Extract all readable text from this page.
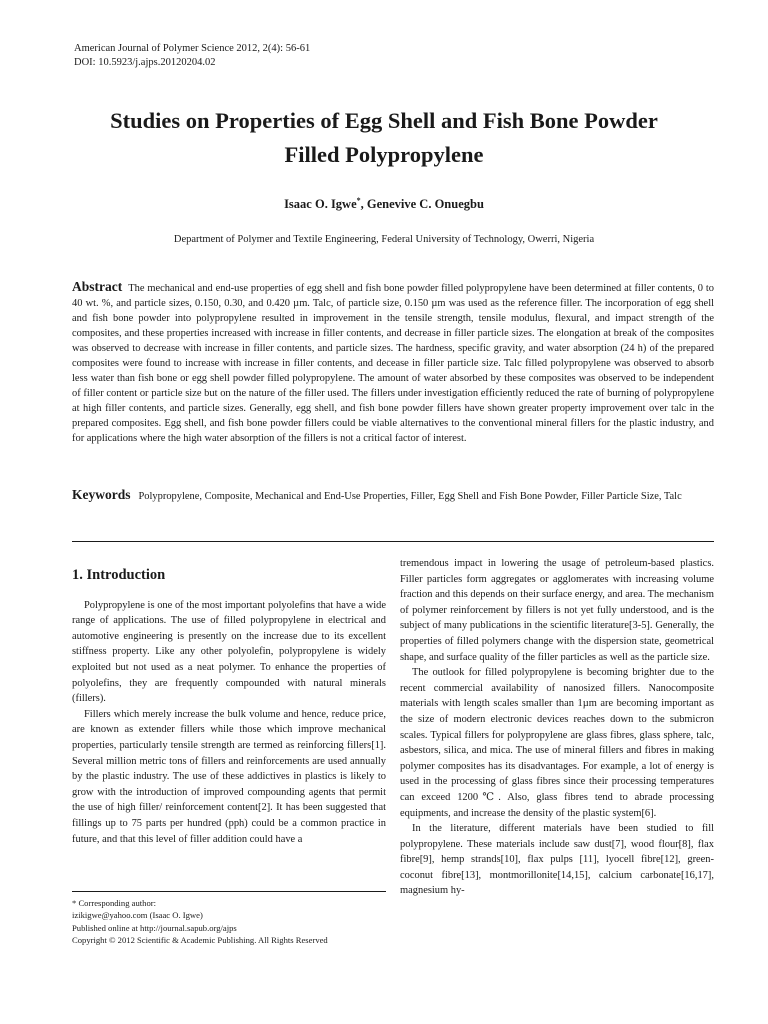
American Journal of Polymer Science 2012, 2(4): 56-61
DOI: 10.5923/j.ajps.20120204.02
Studies on Properties of Egg Shell and Fish Bone Powder
Filled Polypropylene
Isaac O. Igwe*, Genevive C. Onuegbu
Department of Polymer and Textile Engineering, Federal University of Technology, Owerri, Nigeria
Abstract The mechanical and end-use properties of egg shell and fish bone powder filled polypropylene have been determined at filler contents, 0 to 40 wt. %, and particle sizes, 0.150, 0.30, and 0.420 µm. Talc, of particle size, 0.150 µm was used as the reference filler. The incorporation of egg shell and fish bone powder into polypropylene resulted in improvement in the tensile strength, tensile modulus, flexural, and impact strength of the composites, and these properties increased with increase in filler contents, and decrease in filler particle sizes. The elongation at break of the composites was observed to decrease with increase in filler contents, and particle sizes. The hardness, specific gravity, and water absorption (24 h) of the prepared composites were found to increase with increase in filler contents, and decease in filler particle size. Talc filled polypropylene was observed to absorb less water than fish bone or egg shell powder filled polypropylene. The amount of water absorbed by these composites was observed to be independent of filler content or particle size but on the nature of the filler used. The fillers under investigation efficiently reduced the rate of burning of polypropylene at high filler contents, and particle sizes. Generally, egg shell, and fish bone powder fillers have shown greater property improvement over talc in the prepared composites. Egg shell, and fish bone powder fillers could be viable alternatives to the conventional mineral fillers for the plastic industry, and for applications where the high water absorption of the fillers is not a critical factor of interest.
Keywords Polypropylene, Composite, Mechanical and End-Use Properties, Filler, Egg Shell and Fish Bone Powder, Filler Particle Size, Talc
1. Introduction

Polypropylene is one of the most important polyolefins that have a wide range of applications. The use of filled polypropylene in electrical and automotive engineering is presently on the increase due to its excellent stiffness property. Like any other polyolefin, polypropylene is widely exploited but not used as a neat polymer. To enhance the properties of polyolefins, they are frequently compounded with natural minerals (fillers).

Fillers which merely increase the bulk volume and hence, reduce price, are known as extender fillers while those which improve mechanical properties, particularly tensile strength are termed as reinforcing fillers[1]. Several million metric tons of fillers and reinforcements are used annually by the plastic industry. The use of these addictives in plastics is likely to grow with the introduction of improved compounding agents that permit the use of high filler/ reinforcement content[2]. It has been suggested that fillings up to 75 parts per hundred (pph) could be a common practice in future, and that this level of filler addition could have a

tremendous impact in lowering the usage of petroleum-based plastics. Filler particles form aggregates or agglomerates with increasing volume fraction and this depends on their surface energy, and area. The mechanism of polymer reinforcement by fillers is not yet fully understood, and is the subject of many publications in the scientific literature[3-5]. Generally, the properties of filled polymers change with the dispersion state, geometrical shape, and surface quality of the filler particles as well as the particle size.

The outlook for filled polypropylene is becoming brighter due to the recent commercial availability of nanosized fillers. Nanocomposite materials with length scales smaller than 1µm are becoming important as the size of modern electronic devices reaches down to the submicron scales. Typical fillers for polypropylene are glass fibres, glass sphere, talc, asbestors, silica, and mica. The use of mineral fillers and fibres in making polymer composites has its disadvantages. For example, a lot of energy is used in the processing of glass fibres since their processing temperatures can exceed 1200℃. Also, glass fibres tend to abrade processing equipments, and increase the density of the plastic system[6].

In the literature, different materials have been studied to fill polypropylene. These materials include saw dust[7], wood flour[8], flax fibre[9], hemp strands[10], flax pulps [11], lyocell fibre[12], green-coconut fibre[13], montmorillonite[14,15], calcium carbonate[16,17], magnesium hy-

* Corresponding author:
izikigwe@yahoo.com (Isaac O. Igwe)
Published online at http://journal.sapub.org/ajps
Copyright © 2012 Scientific & Academic Publishing. All Rights Reserved
